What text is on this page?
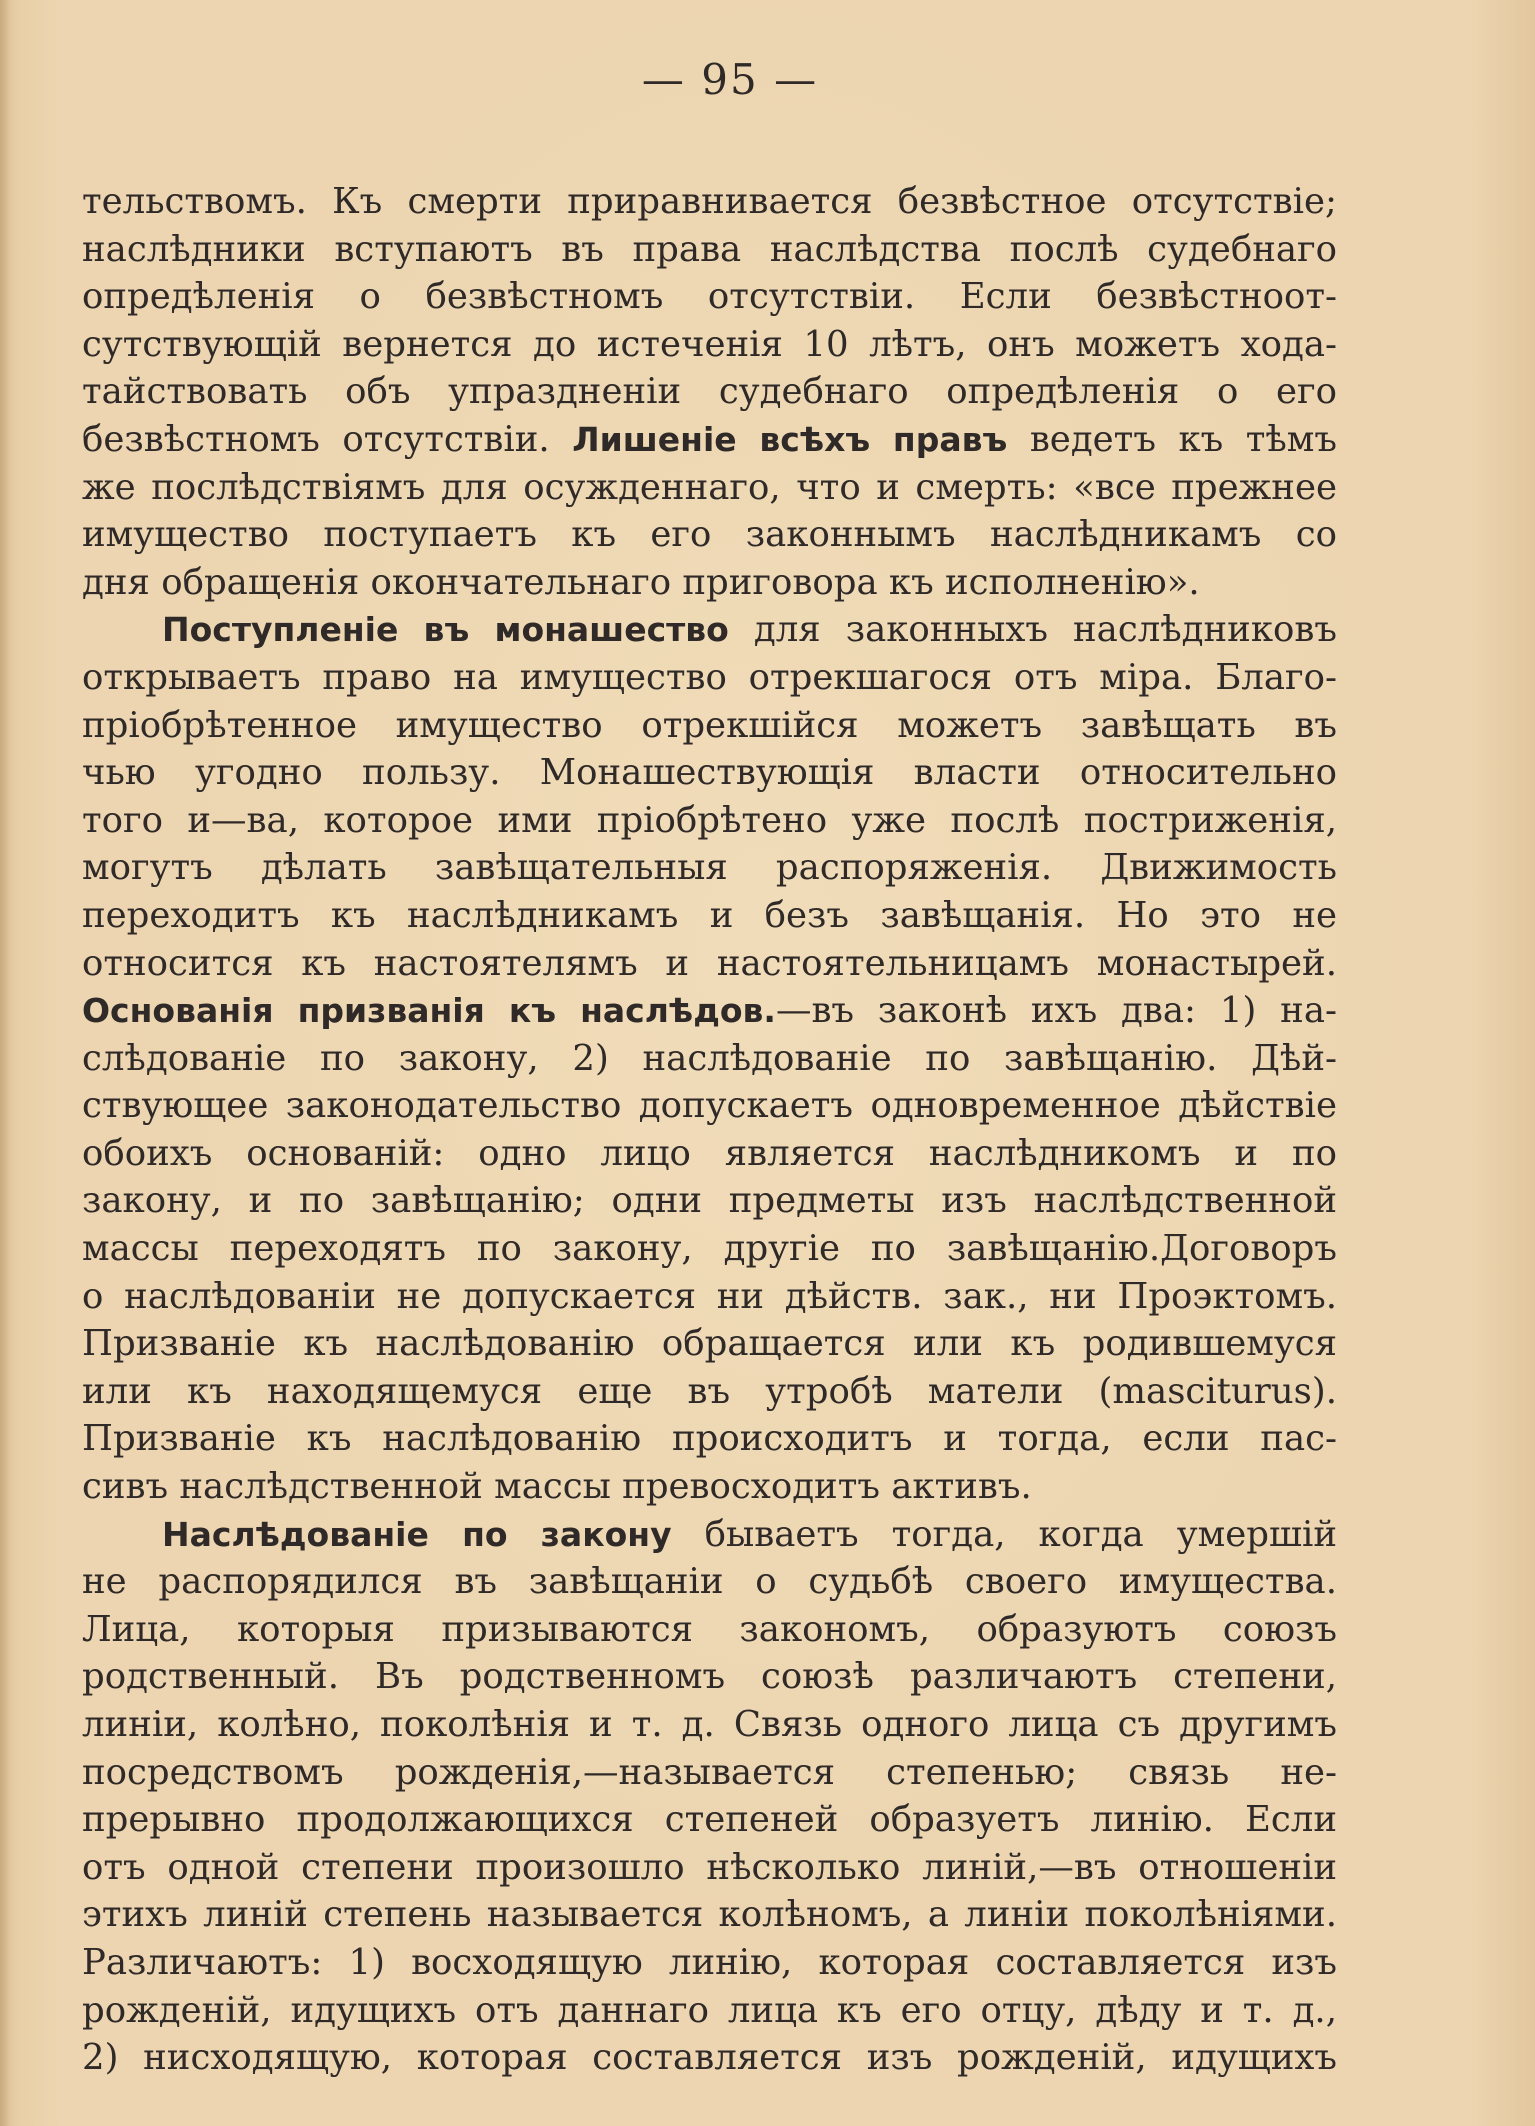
— 95 —
тельствомъ. Къ смерти приравнивается безвѣстное отсутствіе;
наслѣдники вступаютъ въ права наслѣдства послѣ судебнаго
опредѣленія о безвѣстномъ отсутствіи. Если безвѣстноот-
сутствующій вернется до истеченія 10 лѣтъ, онъ можетъ хода-
тайствовать объ упраздненіи судебнаго опредѣленія о его
безвѣстномъ отсутствіи. Лишеніе всѣхъ правъ ведетъ къ тѣмъ
же послѣдствіямъ для осужденнаго, что и смерть: «все прежнее
имущество поступаетъ къ его законнымъ наслѣдникамъ со
дня обращенія окончательнаго приговора къ исполненію».
Поступленіе въ монашество для законныхъ наслѣдниковъ
открываетъ право на имущество отрекшагося отъ міра. Благо-
пріобрѣтенное имущество отрекшійся можетъ завѣщать въ
чью угодно пользу. Монашествующія власти относительно
того и—ва, которое ими пріобрѣтено уже послѣ постриженія,
могутъ дѣлать завѣщательныя распоряженія. Движимость
переходитъ къ наслѣдникамъ и безъ завѣщанія. Но это не
относится къ настоятелямъ и настоятельницамъ монастырей.
Основанія призванія къ наслѣдов.—въ законѣ ихъ два: 1) на-
слѣдованіе по закону, 2) наслѣдованіе по завѣщанію. Дѣй-
ствующее законодательство допускаетъ одновременное дѣйствіе
обоихъ основаній: одно лицо является наслѣдникомъ и по
закону, и по завѣщанію; одни предметы изъ наслѣдственной
массы переходятъ по закону, другіе по завѣщанію.Договоръ
о наслѣдованіи не допускается ни дѣйств. зак., ни Проэктомъ.
Призваніе къ наслѣдованію обращается или къ родившемуся
или къ находящемуся еще въ утробѣ матели (masciturus).
Призваніе къ наслѣдованію происходитъ и тогда, если пас-
сивъ наслѣдственной массы превосходитъ активъ.
Наслѣдованіе по закону бываетъ тогда, когда умершій
не распорядился въ завѣщаніи о судьбѣ своего имущества.
Лица, которыя призываются закономъ, образуютъ союзъ
родственный. Въ родственномъ союзѣ различаютъ степени,
линіи, колѣно, поколѣнія и т. д. Связь одного лица съ другимъ
посредствомъ рожденія,—называется степенью; связь не-
прерывно продолжающихся степеней образуетъ линію. Если
отъ одной степени произошло нѣсколько линій,—въ отношеніи
этихъ линій степень называется колѣномъ, а линіи поколѣніями.
Различаютъ: 1) восходящую линію, которая составляется изъ
рожденій, идущихъ отъ даннаго лица къ его отцу, дѣду и т. д.,
2) нисходящую, которая составляется изъ рожденій, идущихъ
